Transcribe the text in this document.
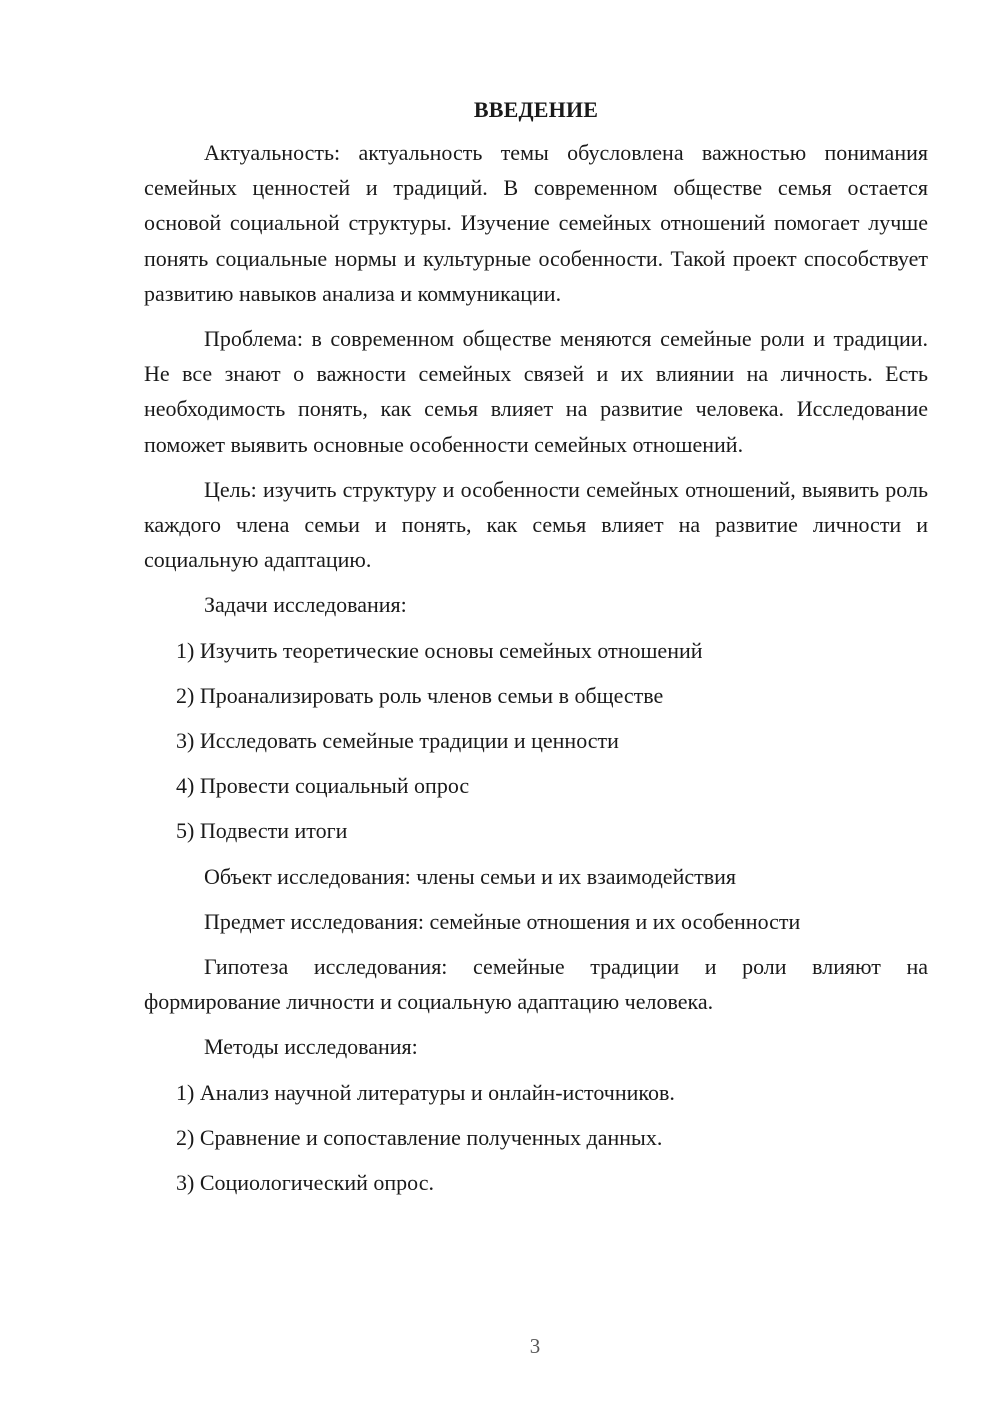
ВВЕДЕНИЕ
Актуальность: актуальность темы обусловлена важностью понимания семейных ценностей и традиций. В современном обществе семья остается основой социальной структуры. Изучение семейных отношений помогает лучше понять социальные нормы и культурные особенности. Такой проект способствует развитию навыков анализа и коммуникации.
Проблема: в современном обществе меняются семейные роли и традиции. Не все знают о важности семейных связей и их влиянии на личность. Есть необходимость понять, как семья влияет на развитие человека. Исследование поможет выявить основные особенности семейных отношений.
Цель: изучить структуру и особенности семейных отношений, выявить роль каждого члена семьи и понять, как семья влияет на развитие личности и социальную адаптацию.
Задачи исследования:
1) Изучить теоретические основы семейных отношений
2) Проанализировать роль членов семьи в обществе
3) Исследовать семейные традиции и ценности
4) Провести социальный опрос
5) Подвести итоги
Объект исследования: члены семьи и их взаимодействия
Предмет исследования: семейные отношения и их особенности
Гипотеза исследования: семейные традиции и роли влияют на формирование личности и социальную адаптацию человека.
Методы исследования:
1) Анализ научной литературы и онлайн-источников.
2) Сравнение и сопоставление полученных данных.
3) Социологический опрос.
3
